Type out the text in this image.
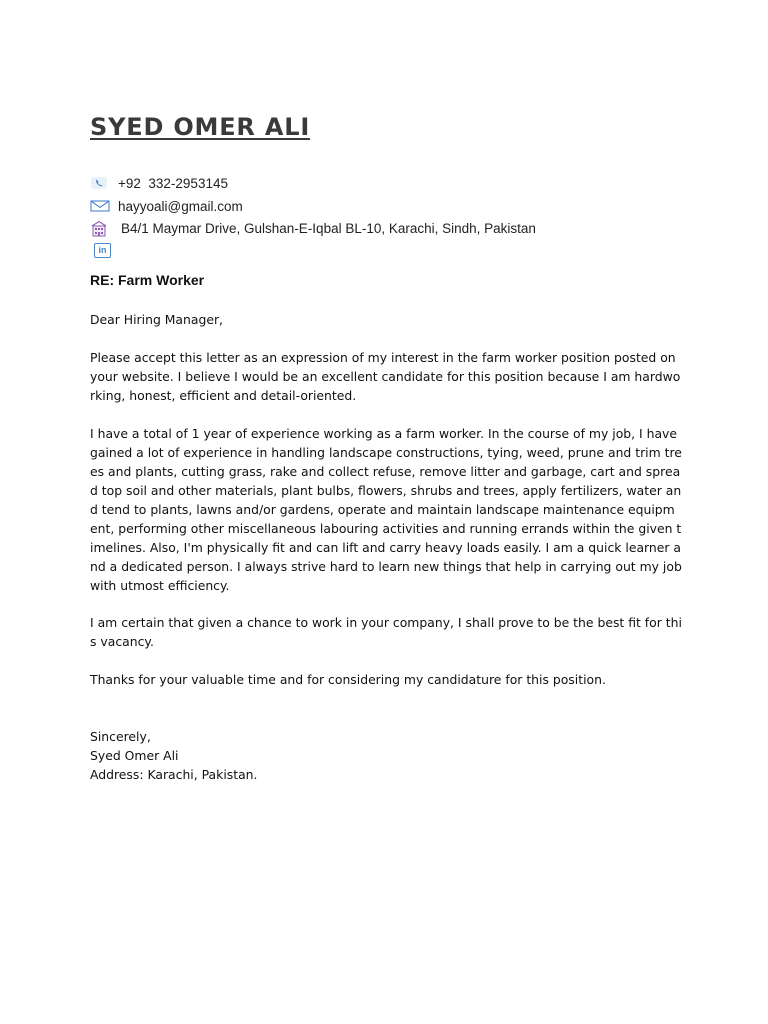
SYED OMER ALI
+92  332-2953145
hayyoali@gmail.com
B4/1 Maymar Drive, Gulshan-E-Iqbal BL-10, Karachi, Sindh, Pakistan
in

RE: Farm Worker

Dear Hiring Manager,

Please accept this letter as an expression of my interest in the farm worker position posted on your website. I believe I would be an excellent candidate for this position because I am hardworking, honest, efficient and detail-oriented.

I have a total of 1 year of experience working as a farm worker. In the course of my job, I have gained a lot of experience in handling landscape constructions, tying, weed, prune and trim trees and plants, cutting grass, rake and collect refuse, remove litter and garbage, cart and spread top soil and other materials, plant bulbs, flowers, shrubs and trees, apply fertilizers, water and tend to plants, lawns and/or gardens, operate and maintain landscape maintenance equipment, performing other miscellaneous labouring activities and running errands within the given timelines. Also, I'm physically fit and can lift and carry heavy loads easily. I am a quick learner and a dedicated person. I always strive hard to learn new things that help in carrying out my job with utmost efficiency.

I am certain that given a chance to work in your company, I shall prove to be the best fit for this vacancy.

Thanks for your valuable time and for considering my candidature for this position.

Sincerely,
Syed Omer Ali
Address: Karachi, Pakistan.
